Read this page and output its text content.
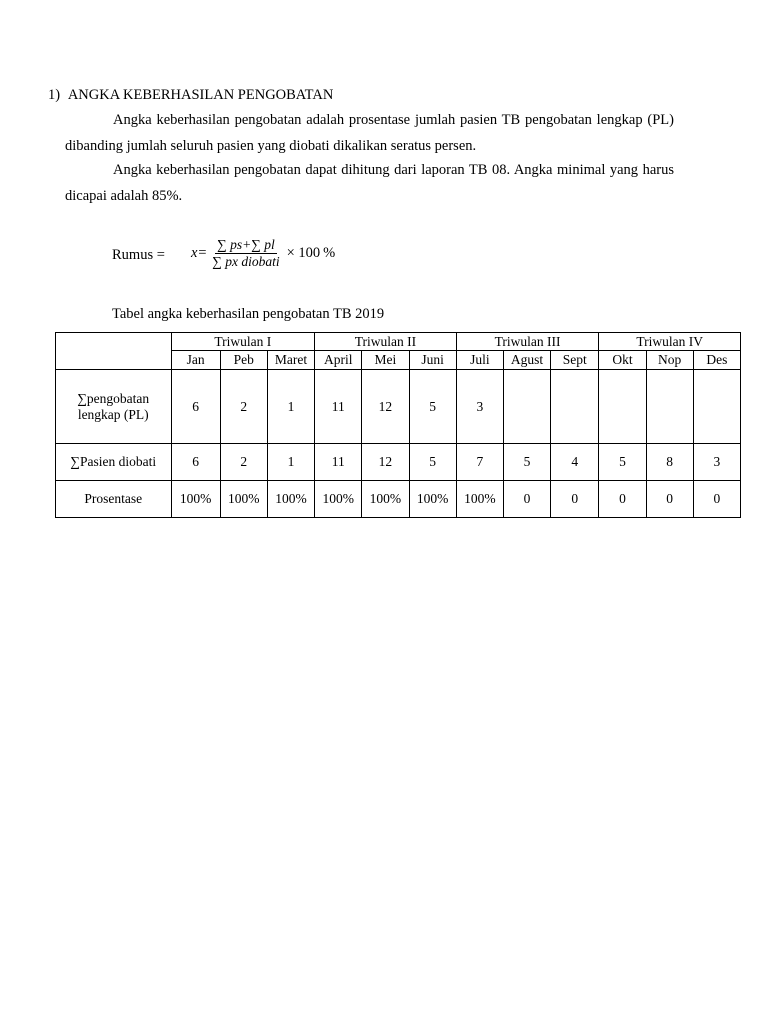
1) ANGKA KEBERHASILAN PENGOBATAN
Angka keberhasilan pengobatan adalah prosentase jumlah pasien TB pengobatan lengkap (PL) dibanding jumlah seluruh pasien yang diobati dikalikan seratus persen.
Angka keberhasilan pengobatan dapat dihitung dari laporan TB 08. Angka minimal yang harus dicapai adalah 85%.
Rumus = $x= \frac{\sum ps+\sum pl}{\text{∑ px diobati}} \times 100$ %
Tabel angka keberhasilan pengobatan TB 2019
	Triwulan I			Triwulan II			Triwulan III			Triwulan IV		
	Jan	Peb	Maret	April	Mei	Juni	Juli	Agust	Sept	Okt	Nop	Des
∑pengobatan
lengkap (PL)	6	2	1	11	12	5	3					
∑Pasien diobati	6	2	1	11	12	5	7	5	4	5	8	3
Prosentase	100%	100%	100%	100%	100%	100%	100%	0	0	0	0	0
